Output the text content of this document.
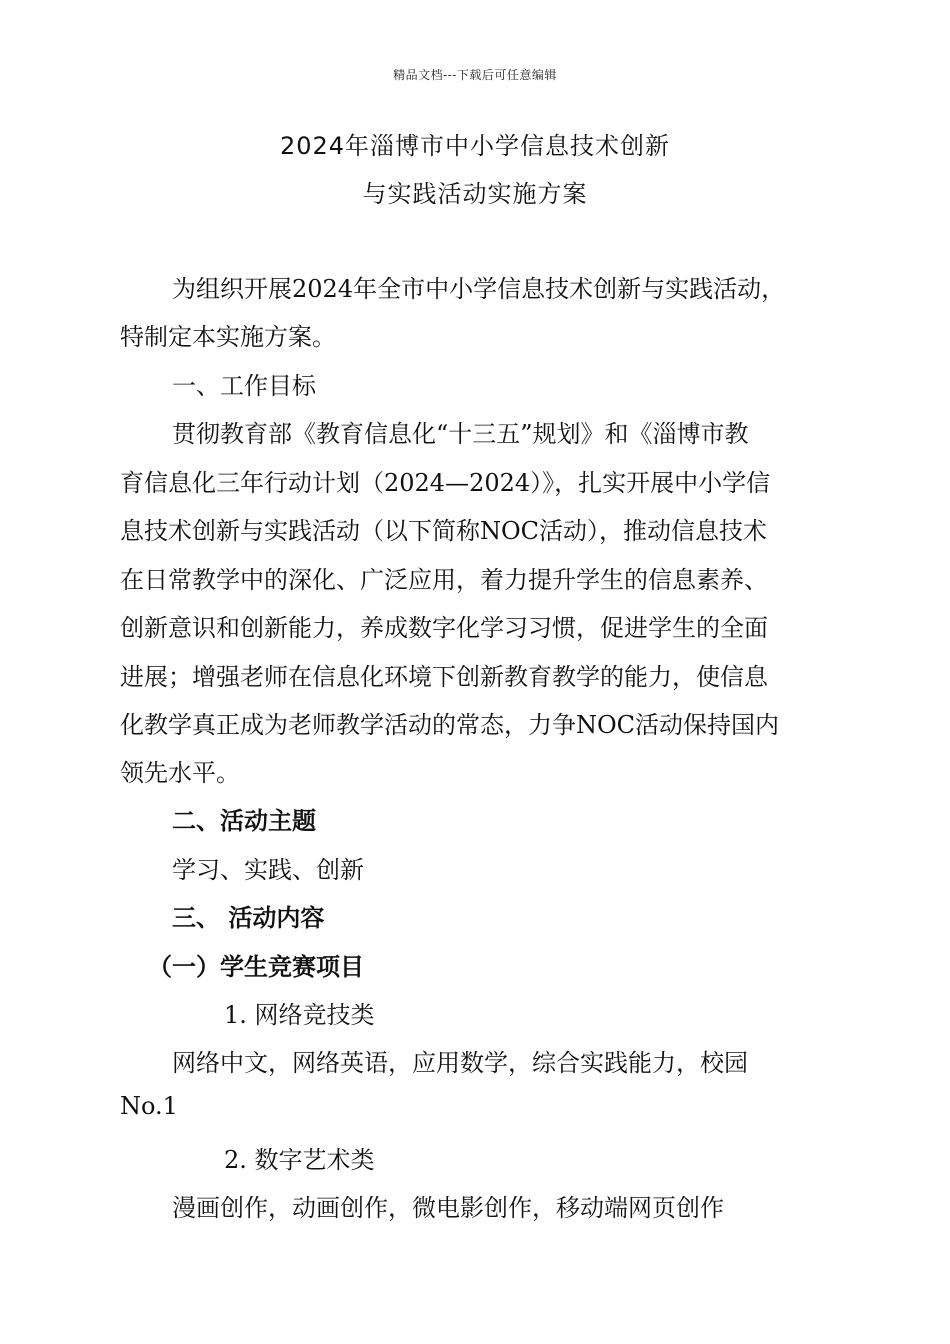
精品文档---下载后可任意编辑
2024年淄博市中小学信息技术创新
与实践活动实施方案
为组织开展2024年全市中小学信息技术创新与实践活动，
特制定本实施方案。
一、工作目标
贯彻教育部《教育信息化“十三五”规划》和《淄博市教
育信息化三年行动计划（2024—2024）》，扎实开展中小学信
息技术创新与实践活动（以下简称NOC活动），推动信息技术
在日常教学中的深化、广泛应用，着力提升学生的信息素养、
创新意识和创新能力，养成数字化学习习惯，促进学生的全面
进展；增强老师在信息化环境下创新教育教学的能力，使信息
化教学真正成为老师教学活动的常态，力争NOC活动保持国内
领先水平。
二、活动主题
学习、实践、创新
三、 活动内容
（一）学生竞赛项目
1. 网络竞技类
网络中文，网络英语，应用数学，综合实践能力，校园
No.1
2. 数字艺术类
漫画创作，动画创作，微电影创作，移动端网页创作
